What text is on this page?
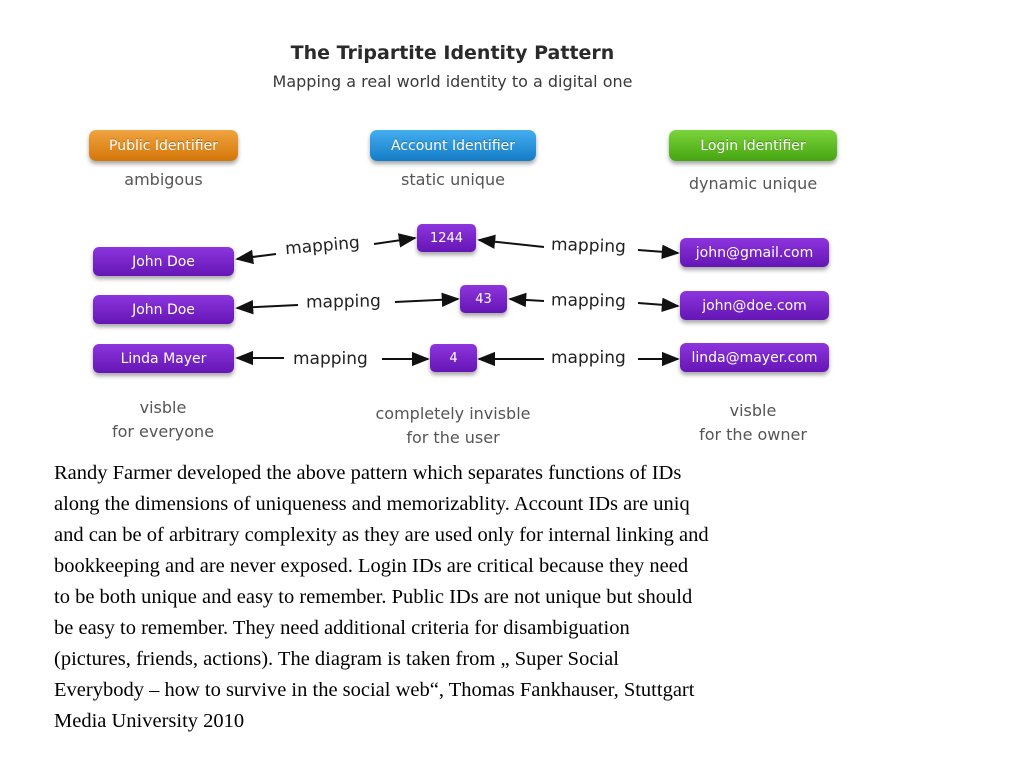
The Tripartite Identity Pattern
Mapping a real world identity to a digital one
Public Identifier	Account Identifier	Login Identifier
ambigous	static unique	dynamic unique
mapping	mapping
mapping	mapping
mapping	mapping
John Doe
John Doe
Linda Mayer
1244
43
4
john@gmail.com
john@doe.com
linda@mayer.com
visble
for everyone
completely invisble
for the user
visble
for the owner
Randy Farmer developed the above pattern which separates functions of IDs
along the dimensions of uniqueness and memorizablity. Account IDs are uniq
and can be of arbitrary complexity as they are used only for internal linking and
bookkeeping and are never exposed. Login IDs are critical because they need
to be both unique and easy to remember. Public IDs are not unique but should
be easy to remember. They need additional criteria for disambiguation
(pictures, friends, actions). The diagram is taken from „ Super Social
Everybody – how to survive in the social web“, Thomas Fankhauser, Stuttgart
Media University 2010
